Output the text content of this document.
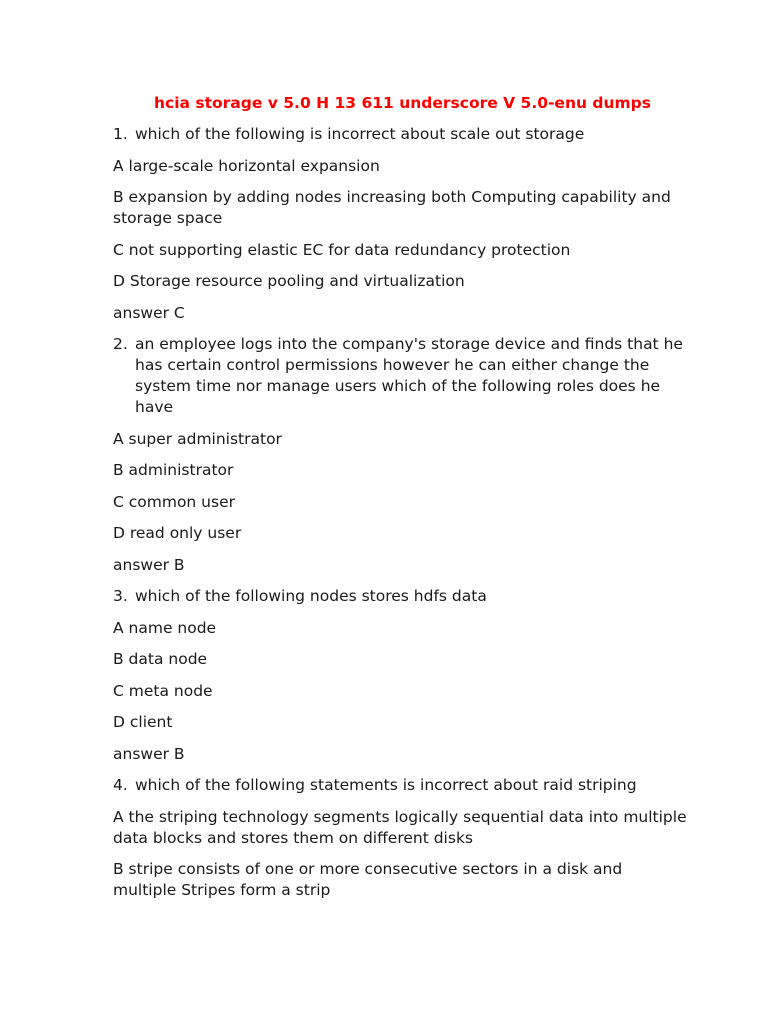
hcia storage v 5.0 H 13 611 underscore V 5.0-enu dumps
1. which of the following is incorrect about scale out storage
A large-scale horizontal expansion
B expansion by adding nodes increasing both Computing capability and storage space
C not supporting elastic EC for data redundancy protection
D Storage resource pooling and virtualization
answer C
2. an employee logs into the company's storage device and finds that he has certain control permissions however he can either change the system time nor manage users which of the following roles does he have
A super administrator
B administrator
C common user
D read only user
answer B
3. which of the following nodes stores hdfs data
A name node
B data node
C meta node
D client
answer B
4. which of the following statements is incorrect about raid striping
A the striping technology segments logically sequential data into multiple data blocks and stores them on different disks
B stripe consists of one or more consecutive sectors in a disk and multiple Stripes form a strip
